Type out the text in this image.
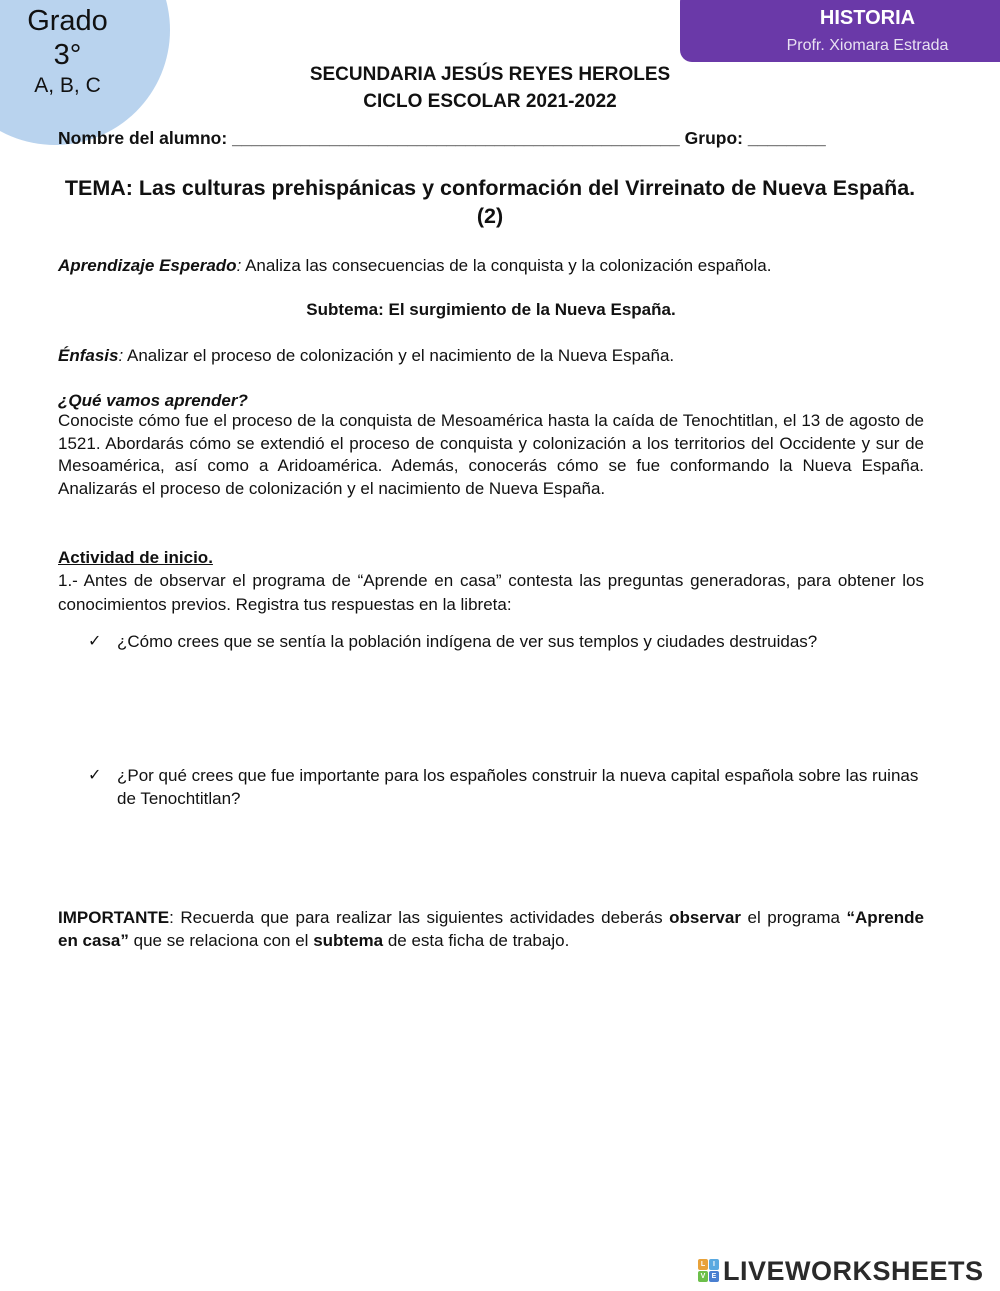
Grado
3°
A, B, C
HISTORIA
Profr. Xiomara Estrada
SECUNDARIA JESÚS REYES HEROLES
CICLO ESCOLAR 2021-2022
Nombre del alumno: ______________________________________________ Grupo: ________
TEMA: Las culturas prehispánicas y conformación del Virreinato de Nueva España. (2)
Aprendizaje Esperado: Analiza las consecuencias de la conquista y la colonización española.
Subtema: El surgimiento de la Nueva España.
Énfasis: Analizar el proceso de colonización y el nacimiento de la Nueva España.
¿Qué vamos aprender?
Conociste cómo fue el proceso de la conquista de Mesoamérica hasta la caída de Tenochtitlan, el 13 de agosto de 1521. Abordarás cómo se extendió el proceso de conquista y colonización a los territorios del Occidente y sur de Mesoamérica, así como a Aridoamérica. Además, conocerás cómo se fue conformando la Nueva España. Analizarás el proceso de colonización y el nacimiento de Nueva España.
Actividad de inicio.
1.- Antes de observar el programa de “Aprende en casa” contesta las preguntas generadoras, para obtener los conocimientos previos. Registra tus respuestas en la libreta:
✓ ¿Cómo crees que se sentía la población indígena de ver sus templos y ciudades destruidas?
✓ ¿Por qué crees que fue importante para los españoles construir la nueva capital española sobre las ruinas de Tenochtitlan?
IMPORTANTE: Recuerda que para realizar las siguientes actividades deberás observar el programa “Aprende en casa” que se relaciona con el subtema de esta ficha de trabajo.
L	I
V E LIVEWORKSHEETS
